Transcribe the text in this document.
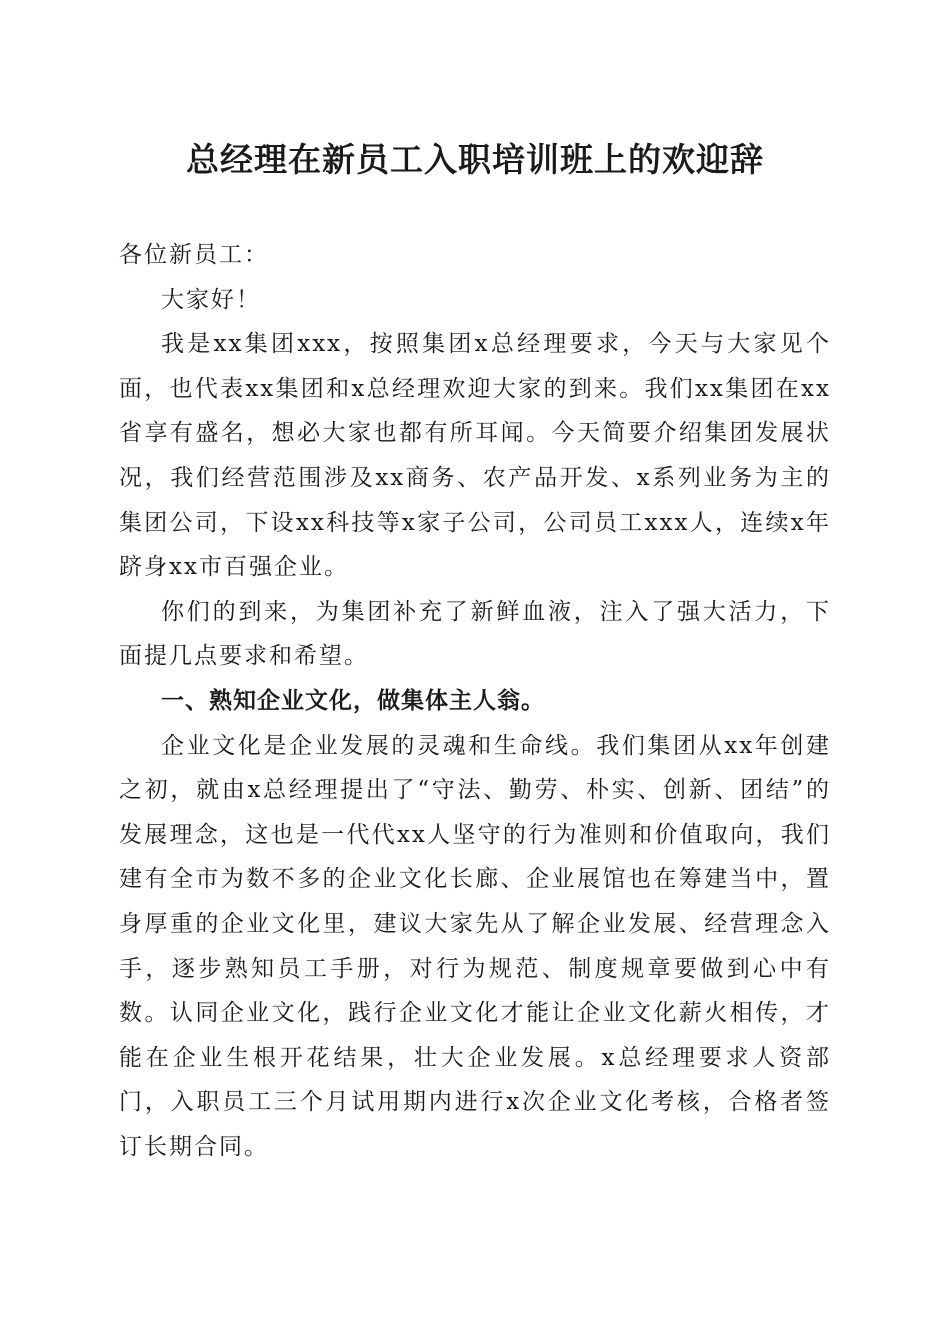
总经理在新员工入职培训班上的欢迎辞

各位新员工：

大家好！

我是xx集团xxx，按照集团x总经理要求，今天与大家见个面，也代表xx集团和x总经理欢迎大家的到来。我们xx集团在xx省享有盛名，想必大家也都有所耳闻。今天简要介绍集团发展状况，我们经营范围涉及xx商务、农产品开发、x系列业务为主的集团公司，下设xx科技等x家子公司，公司员工xxx人，连续x年跻身xx市百强企业。

你们的到来，为集团补充了新鲜血液，注入了强大活力，下面提几点要求和希望。

一、熟知企业文化，做集体主人翁。

企业文化是企业发展的灵魂和生命线。我们集团从xx年创建之初，就由x总经理提出了“守法、勤劳、朴实、创新、团结”的发展理念，这也是一代代xx人坚守的行为准则和价值取向，我们建有全市为数不多的企业文化长廊、企业展馆也在筹建当中，置身厚重的企业文化里，建议大家先从了解企业发展、经营理念入手，逐步熟知员工手册，对行为规范、制度规章要做到心中有数。认同企业文化，践行企业文化才能让企业文化薪火相传，才能在企业生根开花结果，壮大企业发展。x总经理要求人资部门，入职员工三个月试用期内进行x次企业文化考核，合格者签订长期合同。
